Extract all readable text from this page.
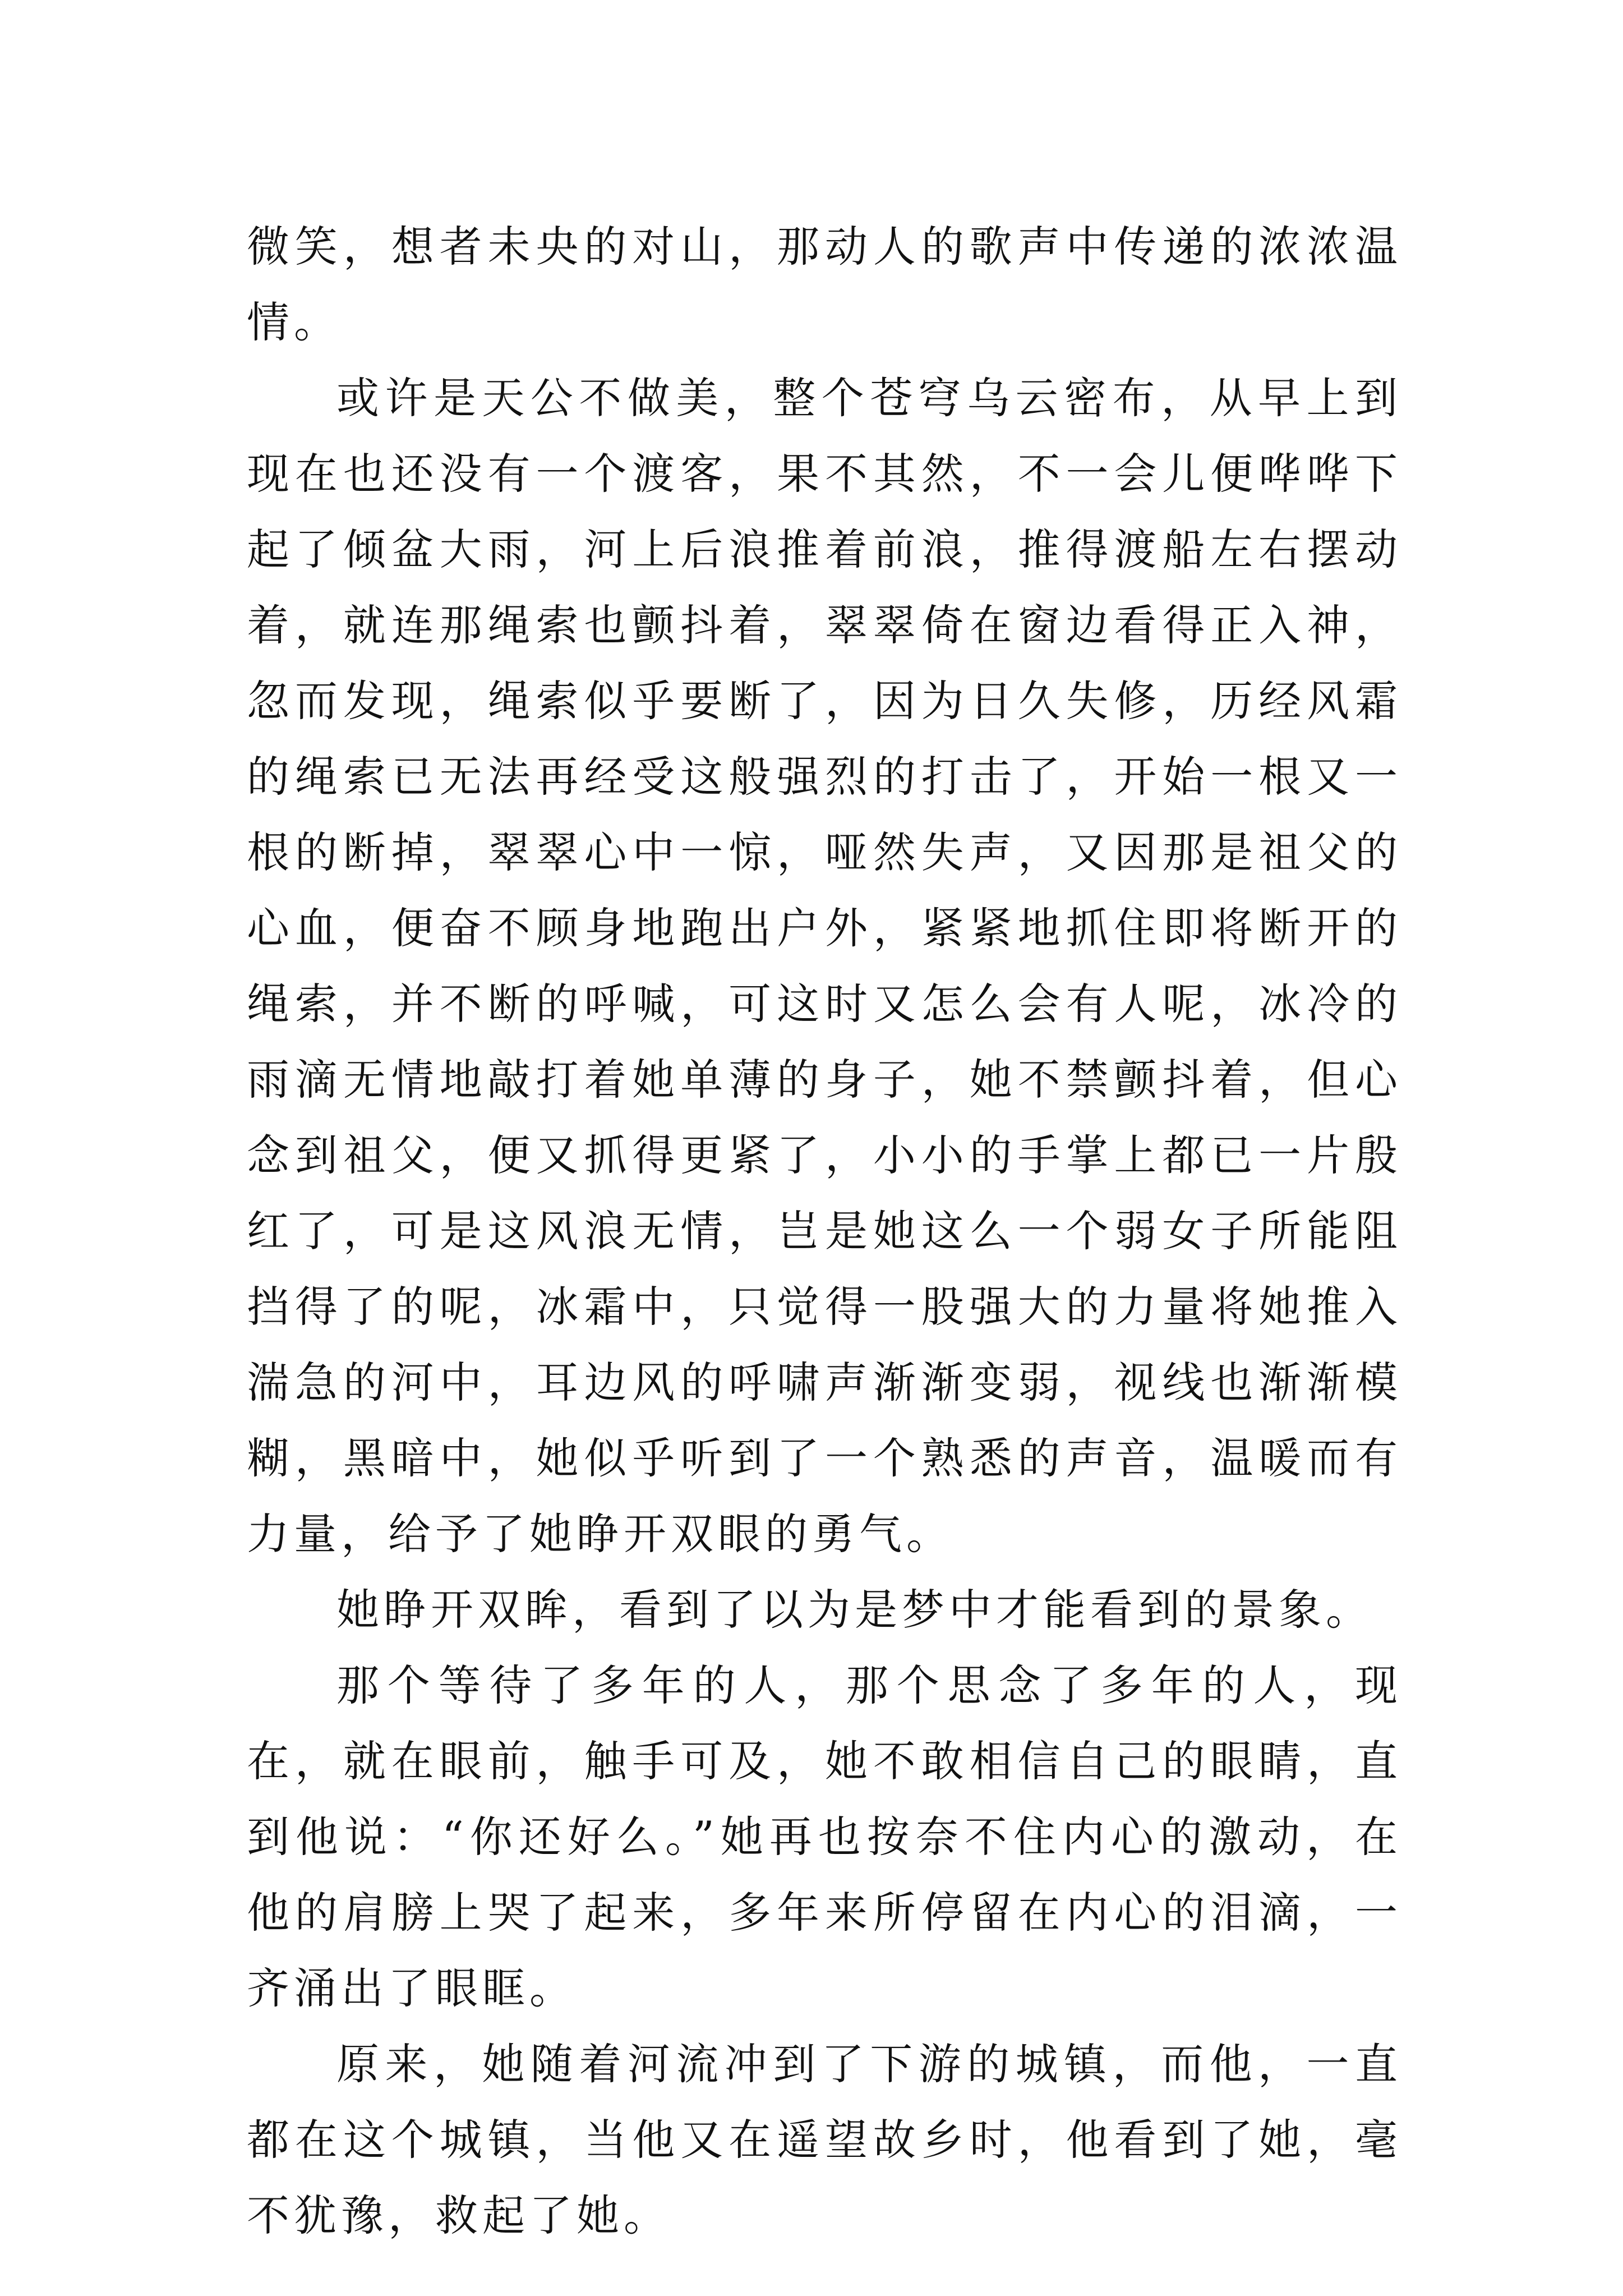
微笑，想者未央的对山，那动人的歌声中传递的浓浓温情。

或许是天公不做美，整个苍穹乌云密布，从早上到现在也还没有一个渡客，果不其然，不一会儿便哗哗下起了倾盆大雨，河上后浪推着前浪，推得渡船左右摆动着，就连那绳索也颤抖着，翠翠倚在窗边看得正入神，忽而发现，绳索似乎要断了，因为日久失修，历经风霜的绳索已无法再经受这般强烈的打击了，开始一根又一根的断掉，翠翠心中一惊，哑然失声，又因那是祖父的心血，便奋不顾身地跑出户外，紧紧地抓住即将断开的绳索，并不断的呼喊，可这时又怎么会有人呢，冰冷的雨滴无情地敲打着她单薄的身子，她不禁颤抖着，但心念到祖父，便又抓得更紧了，小小的手掌上都已一片殷红了，可是这风浪无情，岂是她这么一个弱女子所能阻挡得了的呢，冰霜中，只觉得一股强大的力量将她推入湍急的河中，耳边风的呼啸声渐渐变弱，视线也渐渐模糊，黑暗中，她似乎听到了一个熟悉的声音，温暖而有力量，给予了她睁开双眼的勇气。

她睁开双眸，看到了以为是梦中才能看到的景象。

那个等待了多年的人，那个思念了多年的人，现在，就在眼前，触手可及，她不敢相信自己的眼睛，直到他说：“你还好么。”她再也按奈不住内心的激动，在他的肩膀上哭了起来，多年来所停留在内心的泪滴，一齐涌出了眼眶。

原来，她随着河流冲到了下游的城镇，而他，一直都在这个城镇，当他又在遥望故乡时，他看到了她，毫不犹豫，救起了她。
